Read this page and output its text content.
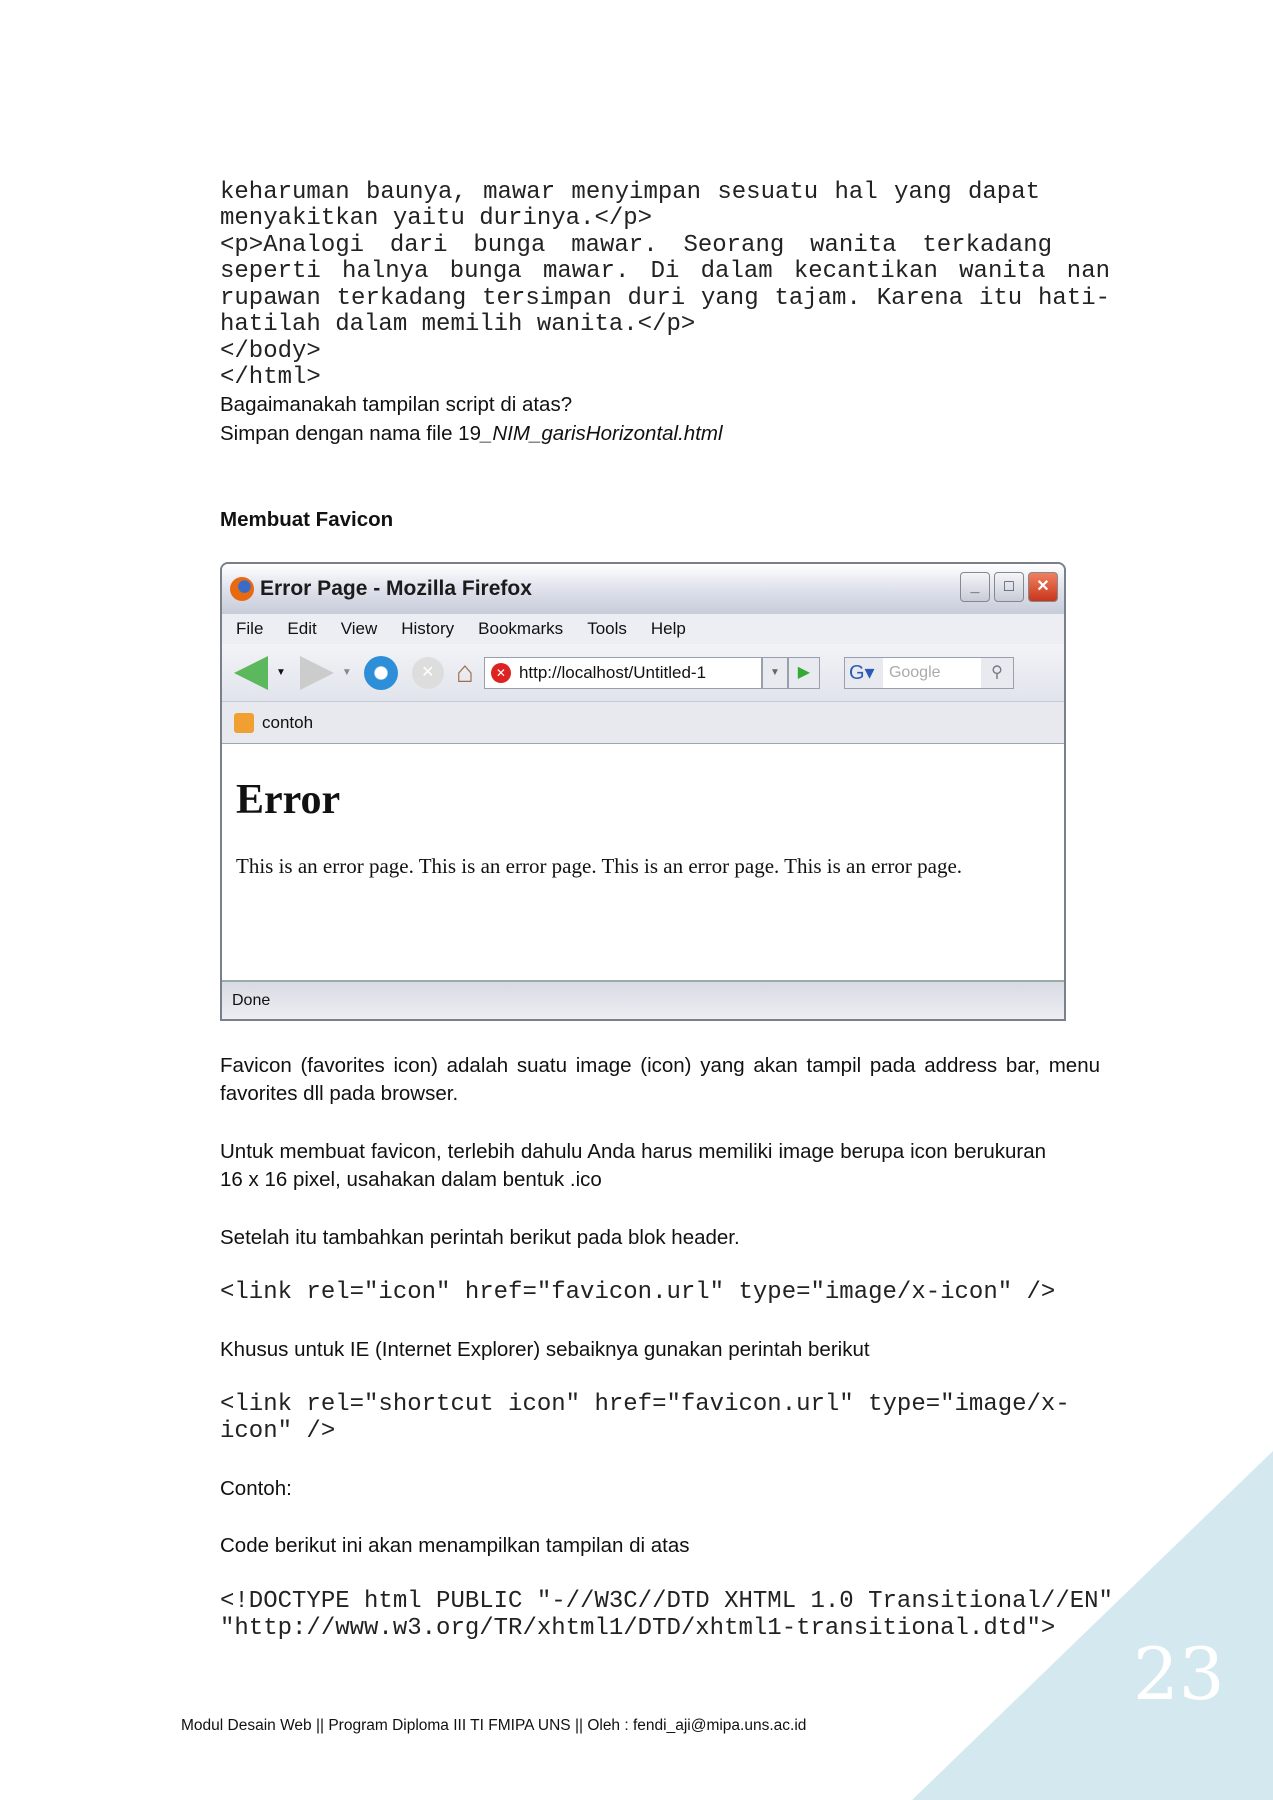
23

keharuman baunya, mawar menyimpan sesuatu hal yang dapat
menyakitkan yaitu durinya.</p>
<p>Analogi dari bunga mawar. Seorang wanita terkadang
seperti halnya bunga mawar. Di dalam kecantikan wanita nan
rupawan terkadang tersimpan duri yang tajam. Karena itu hati-
hatilah dalam memilih wanita.</p>
</body>
</html>

Bagaimanakah tampilan script di atas?
Simpan dengan nama file 19_NIM_garisHorizontal.html
Membuat Favicon
Error Page - Mozilla Firefox	_	□	✕
File Edit View History Bookmarks Tools Help
▼	▼	✕ ⌂	✕ http://localhost/Untitled-1	▼	▶	G▾ Google	⚲
contoh
Error

This is an error page. This is an error page. This is an error page. This is an error page.

Done
Favicon (favorites icon) adalah suatu image (icon) yang akan tampil pada address bar, menu favorites dll pada browser.
Untuk membuat favicon, terlebih dahulu Anda harus memiliki image berupa icon berukuran 16 x 16 pixel, usahakan dalam bentuk .ico
Setelah itu tambahkan perintah berikut pada blok header.
<link rel="icon" href="favicon.url" type="image/x-icon" />
Khusus untuk IE (Internet Explorer) sebaiknya gunakan perintah berikut
<link rel="shortcut icon" href="favicon.url" type="image/x-
icon" />
Contoh:
Code berikut ini akan menampilkan tampilan di atas
<!DOCTYPE html PUBLIC "-//W3C//DTD XHTML 1.0 Transitional//EN"
"http://www.w3.org/TR/xhtml1/DTD/xhtml1-transitional.dtd">
Modul Desain Web || Program Diploma III TI FMIPA UNS || Oleh : fendi_aji@mipa.uns.ac.id
